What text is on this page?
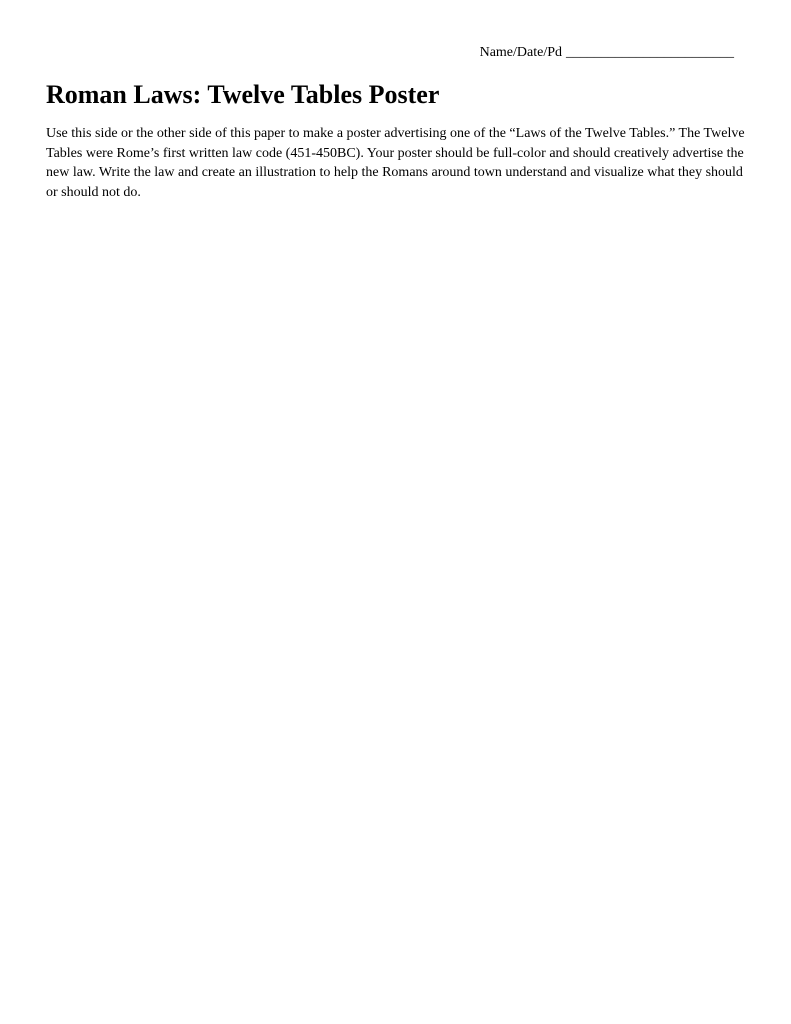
Name/Date/Pd ________________________
Roman Laws: Twelve Tables Poster

Use this side or the other side of this paper to make a poster advertising one of the “Laws of the Twelve Tables.” The Twelve Tables were Rome’s first written law code (451-450BC). Your poster should be full-color and should creatively advertise the new law. Write the law and create an illustration to help the Romans around town understand and visualize what they should or should not do.
